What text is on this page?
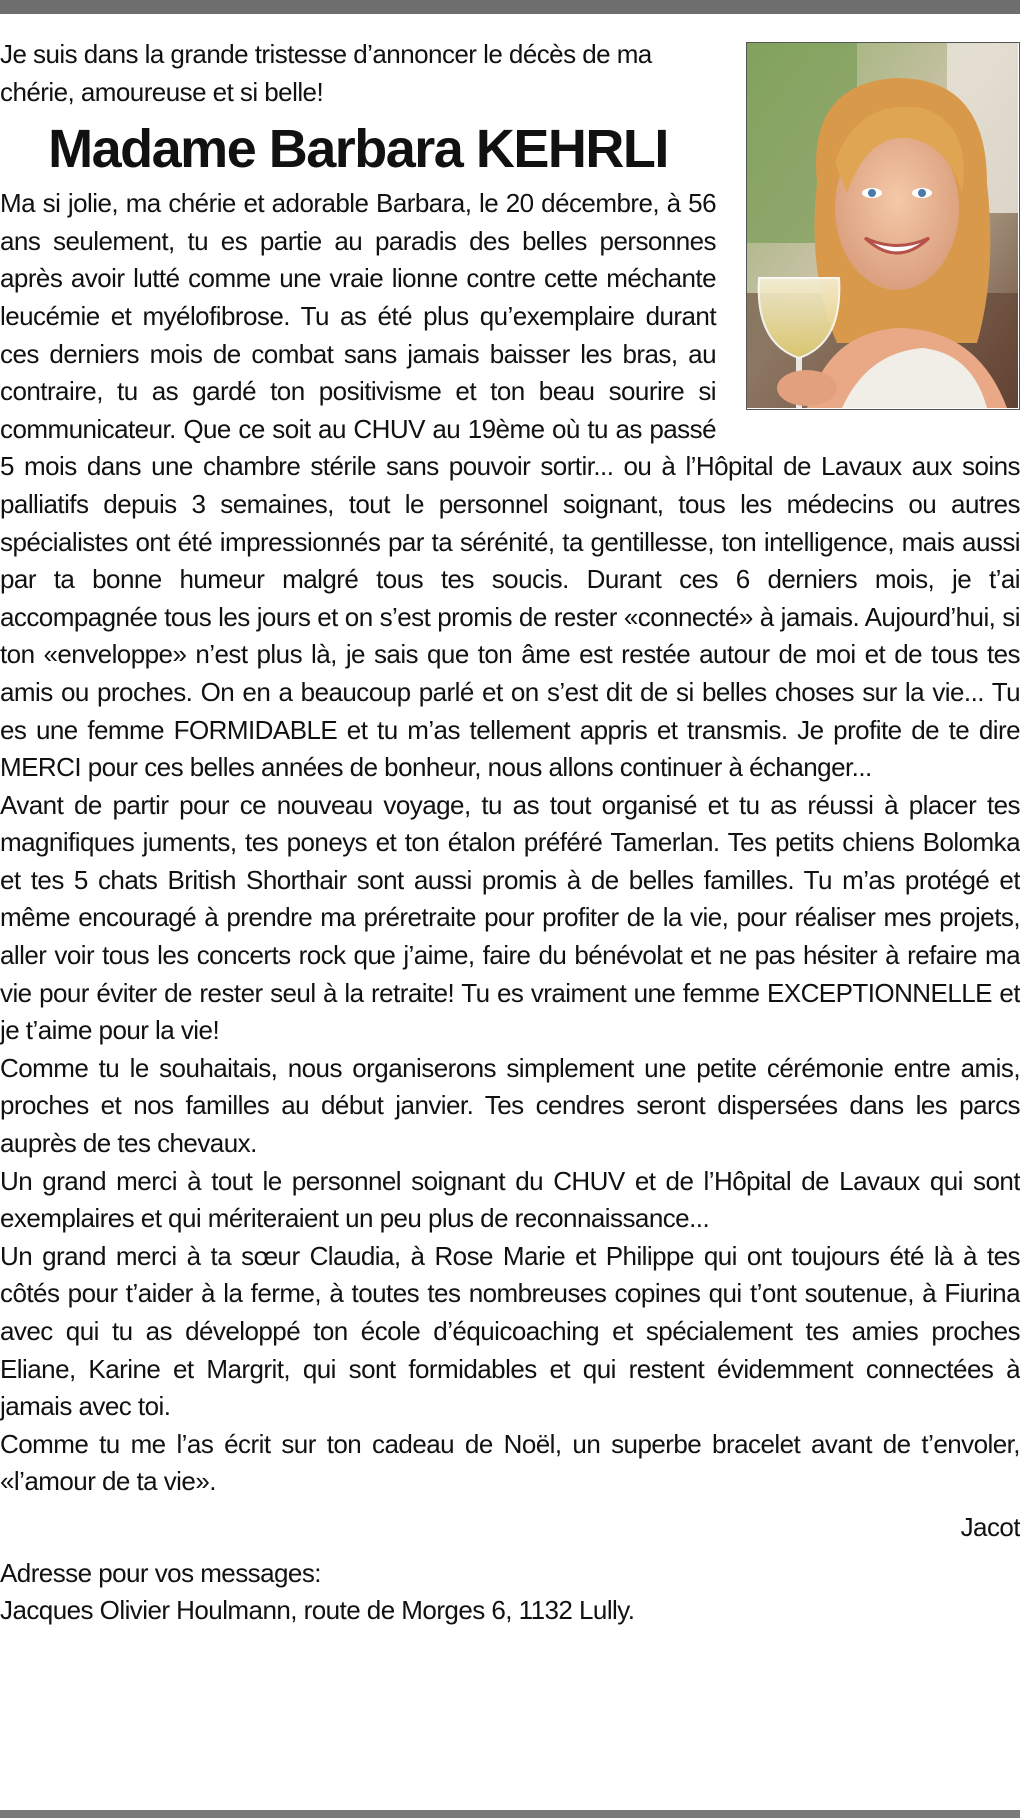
Je suis dans la grande tristesse d’annoncer le décès de ma chérie, amoureuse et si belle!

Madame Barbara KEHRLI

Ma si jolie, ma chérie et adorable Barbara, le 20 décembre, à 56 ans seulement, tu es partie au paradis des belles personnes après avoir lutté comme une vraie lionne contre cette méchante leucémie et myélofibrose. Tu as été plus qu’exemplaire durant ces derniers mois de combat sans jamais baisser les bras, au contraire, tu as gardé ton positivisme et ton beau sourire si communicateur. Que ce soit au CHUV au 19ème où tu as passé 5 mois dans une chambre stérile sans pouvoir sortir... ou à l’Hôpital de Lavaux aux soins palliatifs depuis 3 semaines, tout le personnel soignant, tous les médecins ou autres spécialistes ont été impressionnés par ta sérénité, ta gentillesse, ton intelligence, mais aussi par ta bonne humeur malgré tous tes soucis. Durant ces 6 derniers mois, je t’ai accompagnée tous les jours et on s’est promis de rester «connecté» à jamais. Aujourd’hui, si ton «enveloppe» n’est plus là, je sais que ton âme est restée autour de moi et de tous tes amis ou proches. On en a beaucoup parlé et on s’est dit de si belles choses sur la vie... Tu es une femme FORMIDABLE et tu m’as tellement appris et transmis. Je profite de te dire MERCI pour ces belles années de bonheur, nous allons continuer à échanger...

Avant de partir pour ce nouveau voyage, tu as tout organisé et tu as réussi à placer tes magnifiques juments, tes poneys et ton étalon préféré Tamerlan. Tes petits chiens Bolomka et tes 5 chats British Shorthair sont aussi promis à de belles familles. Tu m’as protégé et même encouragé à prendre ma préretraite pour profiter de la vie, pour réaliser mes projets, aller voir tous les concerts rock que j’aime, faire du bénévolat et ne pas hésiter à refaire ma vie pour éviter de rester seul à la retraite! Tu es vraiment une femme EXCEPTIONNELLE et je t’aime pour la vie!

Comme tu le souhaitais, nous organiserons simplement une petite cérémonie entre amis, proches et nos familles au début janvier. Tes cendres seront dispersées dans les parcs auprès de tes chevaux.

Un grand merci à tout le personnel soignant du CHUV et de l’Hôpital de Lavaux qui sont exemplaires et qui mériteraient un peu plus de reconnaissance...

Un grand merci à ta sœur Claudia, à Rose Marie et Philippe qui ont toujours été là à tes côtés pour t’aider à la ferme, à toutes tes nombreuses copines qui t’ont soutenue, à Fiurina avec qui tu as développé ton école d’équicoaching et spécialement tes amies proches Eliane, Karine et Margrit, qui sont formidables et qui restent évidemment connectées à jamais avec toi.

Comme tu me l’as écrit sur ton cadeau de Noël, un superbe bracelet avant de t’envoler, «l’amour de ta vie».

Jacot

Adresse pour vos messages:
Jacques Olivier Houlmann, route de Morges 6, 1132 Lully.
